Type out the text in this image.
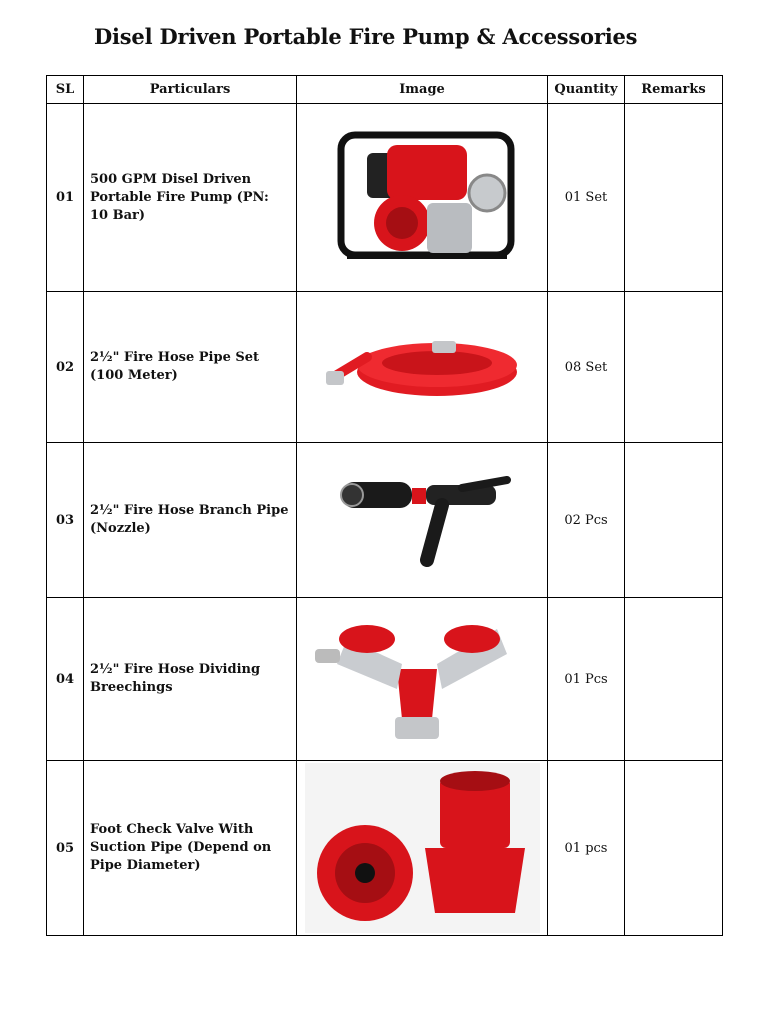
Disel Driven Portable Fire Pump & Accessories
SL	Particulars	Image	Quantity	Remarks
01	500 GPM Disel Driven Portable Fire Pump (PN: 10 Bar)		01 Set	
02	2½" Fire Hose Pipe Set (100 Meter)		08 Set	
03	2½" Fire Hose Branch Pipe (Nozzle)		02 Pcs	
04	2½" Fire Hose Dividing Breechings		01 Pcs	
05	Foot Check Valve With Suction Pipe (Depend on Pipe Diameter)		01 pcs	
